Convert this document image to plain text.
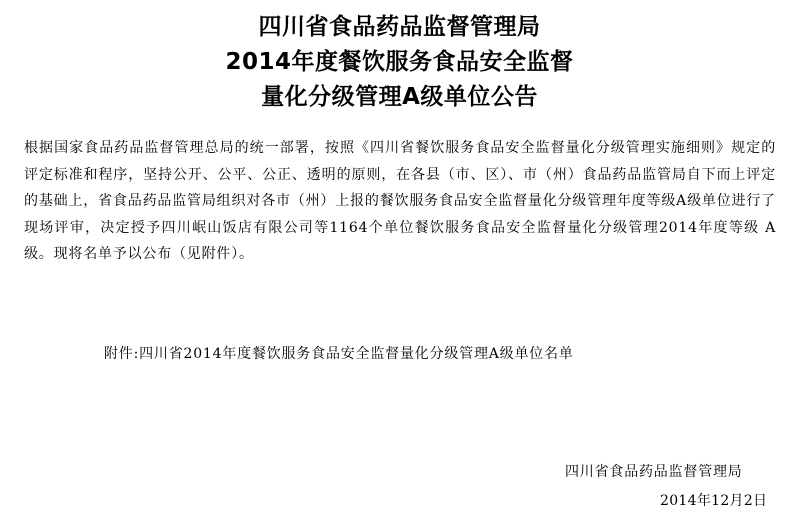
四川省食品药品监督管理局
2014年度餐饮服务食品安全监督
量化分级管理A级单位公告

根据国家食品药品监督管理总局的统一部署，按照《四川省餐饮服务食品安全监督量化分级管理实施细则》规定的评定标准和程序，坚持公开、公平、公正、透明的原则，在各县（市、区）、市（州）食品药品监管局自下而上评定的基础上，省食品药品监管局组织对各市（州）上报的餐饮服务食品安全监督量化分级管理年度等级A级单位进行了现场评审，决定授予四川岷山饭店有限公司等1164个单位餐饮服务食品安全监督量化分级管理2014年度等级 A级。现将名单予以公布（见附件）。

附件:四川省2014年度餐饮服务食品安全监督量化分级管理A级单位名单

四川省食品药品监督管理局

2014年12月2日
